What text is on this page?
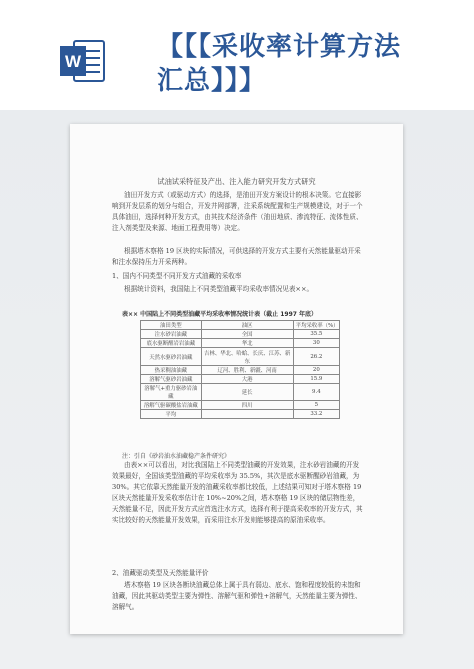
W	【【【采收率计算方法汇总】】】
试油试采特征及产出、注入能力研究开发方式研究
油田开发方式（或驱动方式）的选择，是油田开发方案设计的根本决策。它直接影响到开发层系的划分与组合，开发井网部署，注采系统配置和生产规模建设，对于一个具体油田，选择何种开发方式，由其技术经济条件（油田地质、渗流特征、流体性质、注入剂类型及来源、地面工程费用等）决定。
根据塔木察格 19 区块的实际情况，可供选择的开发方式主要有天然能量驱动开采和注水保持压力开采两种。
1、国内不同类型不同开发方式油藏的采收率
根据统计资料，我国陆上不同类型油藏平均采收率情况见表××。
表×× 中国陆上不同类型油藏平均采收率情况统计表（截止 1997 年底）
油田类型	油区	平均采收率（%）
注水砂岩油藏	全国	35.5
底水驱断醒岩岩油藏	华北	30
天然水驱砂岩油藏	吉林、华北、哈蛤、长庆、江苏、新东	26.2
热采稠油油藏	辽河、胜利、新疆、河南	20
溶解气驱砂岩油藏	大港	15.9
溶解气+重力驱砂岩油藏	延长	9.4
溶解气驱碳酸盐岩油藏	四川	5
平均		33.2
注：引自《砂岩油水油藏稳产条件研究》
由表××可以看出，对比我国陆上不同类型油藏的开发效果，注水砂岩油藏的开发效果最好，全国该类型油藏的平均采收率为 35.5%，其次是底水驱断醒砂岩油藏，为 30%。其它依靠天然能量开发的油藏采收率都比较低，上述结果可知对于塔木察格 19 区块天然能量开发采收率估计在 10%~20%之间，塔木察格 19 区块的储层物性差，天然能量不足，因此开发方式应首选注水方式，选择有利于提高采收率的开发方式，其实比较好的天然能量开发效果，而采用注水开发则能够提高的原油采收率。
2、油藏驱动类型及天然能量评价
塔木察格 19 区块各断块油藏总体上属于具有弱边、底水、饱和程度较低的未饱和油藏，因此其驱动类型主要为弹性、溶解气驱和弹性+溶解气，天然能量主要为弹性、溶解气。
